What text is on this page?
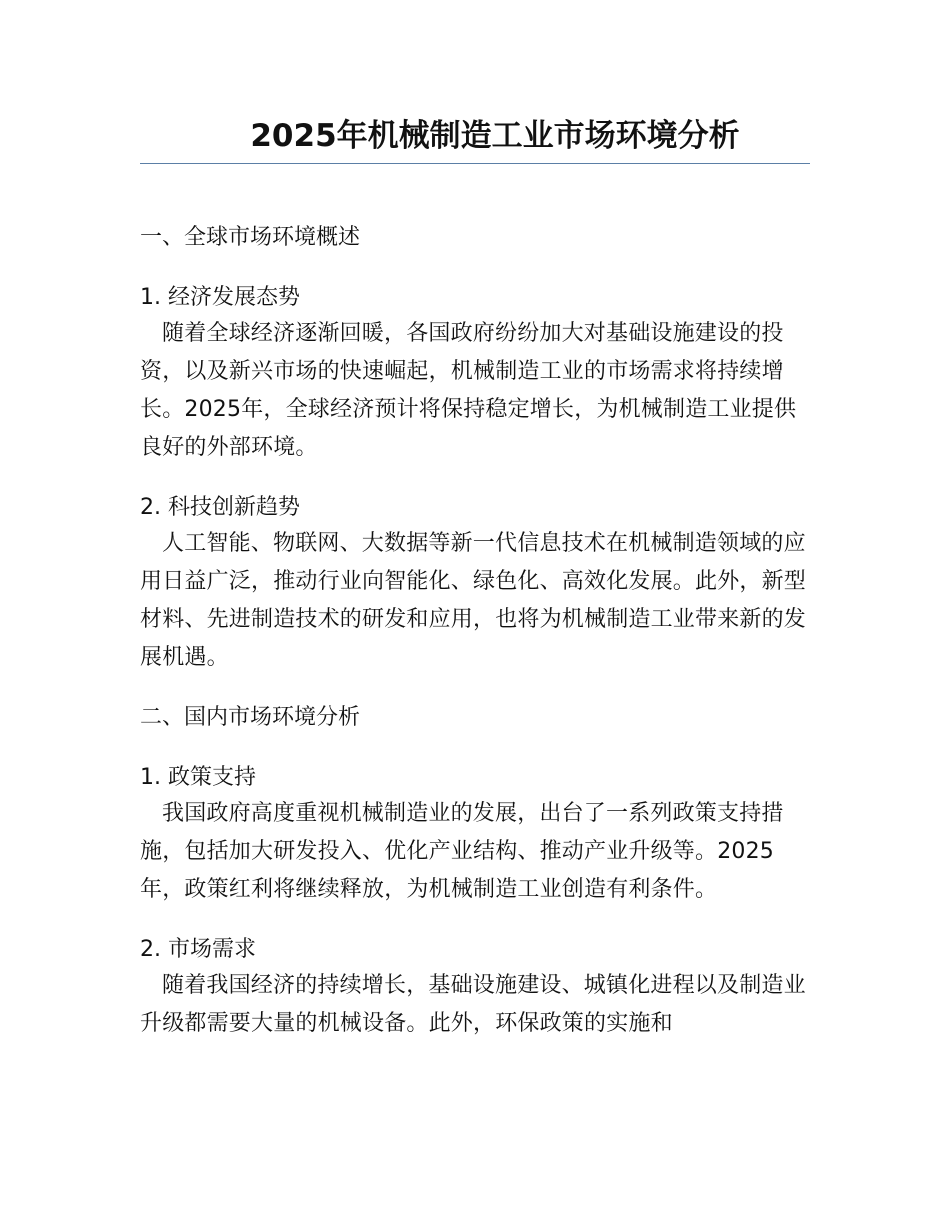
2025年机械制造工业市场环境分析
一、全球市场环境概述
1. 经济发展态势

随着全球经济逐渐回暖，各国政府纷纷加大对基础设施建设的投资，以及新兴市场的快速崛起，机械制造工业的市场需求将持续增长。2025年，全球经济预计将保持稳定增长，为机械制造工业提供良好的外部环境。

2. 科技创新趋势

人工智能、物联网、大数据等新一代信息技术在机械制造领域的应用日益广泛，推动行业向智能化、绿色化、高效化发展。此外，新型材料、先进制造技术的研发和应用，也将为机械制造工业带来新的发展机遇。

二、国内市场环境分析
1. 政策支持

我国政府高度重视机械制造业的发展，出台了一系列政策支持措施，包括加大研发投入、优化产业结构、推动产业升级等。2025年，政策红利将继续释放，为机械制造工业创造有利条件。

2. 市场需求

随着我国经济的持续增长，基础设施建设、城镇化进程以及制造业升级都需要大量的机械设备。此外，环保政策的实施和
